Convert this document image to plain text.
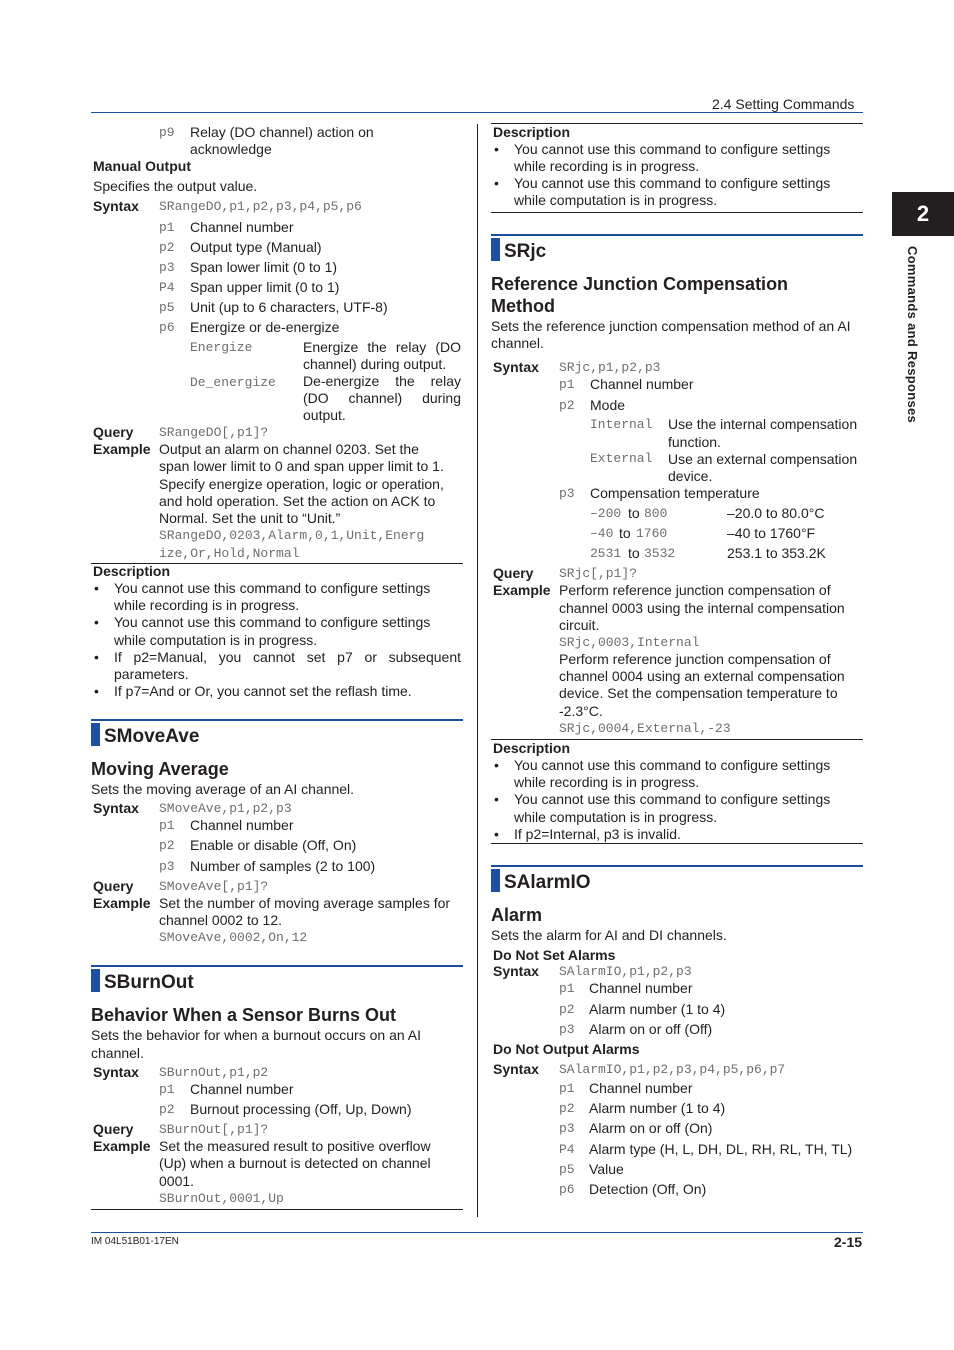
2.4 Setting Commands
IM 04L51B01-17EN	2-15
2
Commands and Responses
p9 Relay (DO channel) action on
acknowledge
Manual Output
Specifies the output value.
Syntax SRangeDO,p1,p2,p3,p4,p5,p6
p1 Channel number
p2 Output type (Manual)
p3 Span lower limit (0 to 1)
P4 Span upper limit (0 to 1)
p5 Unit (up to 6 characters, UTF-8)
p6 Energize or de-energize
Energize	Energize the relay (DO
channel) during output.
De_energize De-energize the relay
(DO channel) during
output.
Query SRangeDO[,p1]?
Example Output an alarm on channel 0203. Set the
span lower limit to 0 and span upper limit to 1.
Specify energize operation, logic or operation,
and hold operation. Set the action on ACK to
Normal. Set the unit to “Unit.”
SRangeDO,0203,Alarm,0,1,Unit,Energ
ize,Or,Hold,Normal
Description
• You cannot use this command to configure settings
while recording is in progress.
• You cannot use this command to configure settings
while computation is in progress.
• If p2=Manual, you cannot set p7 or subsequent
parameters.
• If p7=And or Or, you cannot set the reflash time.
SMoveAve
Moving Average
Sets the moving average of an AI channel.
Syntax SMoveAve,p1,p2,p3
p1 Channel number
p2 Enable or disable (Off, On)
p3 Number of samples (2 to 100)
Query SMoveAve[,p1]?
Example Set the number of moving average samples for
channel 0002 to 12.
SMoveAve,0002,On,12
SBurnOut
Behavior When a Sensor Burns Out
Sets the behavior for when a burnout occurs on an AI
channel.
Syntax SBurnOut,p1,p2
p1 Channel number
p2 Burnout processing (Off, Up, Down)
Query SBurnOut[,p1]?
Example Set the measured result to positive overflow
(Up) when a burnout is detected on channel
0001.
SBurnOut,0001,Up
Description
• You cannot use this command to configure settings
while recording is in progress.
• You cannot use this command to configure settings
while computation is in progress.
SRjc
Reference Junction Compensation
Method
Sets the reference junction compensation method of an AI
channel.
Syntax SRjc,p1,p2,p3
p1 Channel number
p2 Mode
Internal Use the internal compensation
function.
External Use an external compensation
device.
p3 Compensation temperature
–200 to 800	–20.0 to 80.0°C
–40 to 1760	–40 to 1760°F
2531 to 3532	253.1 to 353.2K
Query SRjc[,p1]?
Example Perform reference junction compensation of
channel 0003 using the internal compensation
circuit.
SRjc,0003,Internal
Perform reference junction compensation of
channel 0004 using an external compensation
device. Set the compensation temperature to
-2.3°C.
SRjc,0004,External,-23
Description
• You cannot use this command to configure settings
while recording is in progress.
• You cannot use this command to configure settings
while computation is in progress.
• If p2=Internal, p3 is invalid.
SAlarmIO
Alarm
Sets the alarm for AI and DI channels.
Do Not Set Alarms
Syntax SAlarmIO,p1,p2,p3
p1 Channel number
p2 Alarm number (1 to 4)
p3 Alarm on or off (Off)
Do Not Output Alarms
Syntax SAlarmIO,p1,p2,p3,p4,p5,p6,p7
p1 Channel number
p2 Alarm number (1 to 4)
p3 Alarm on or off (On)
P4 Alarm type (H, L, DH, DL, RH, RL, TH, TL)
p5 Value
p6 Detection (Off, On)
